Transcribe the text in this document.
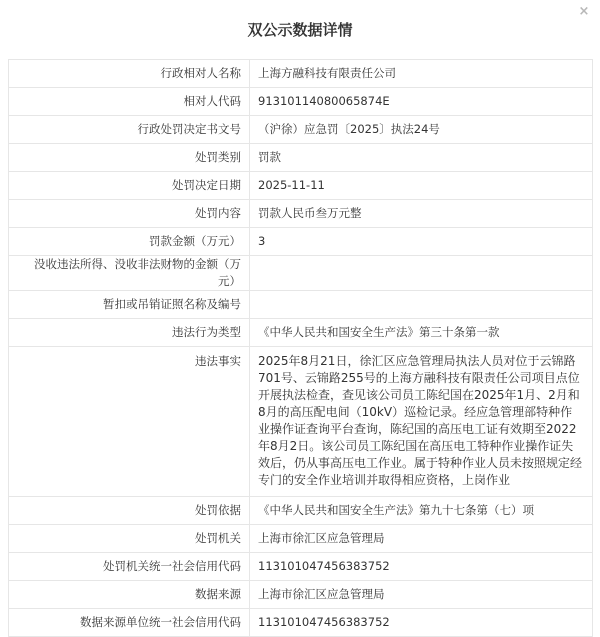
×
双公示数据详情
行政相对人名称	上海方融科技有限责任公司
相对人代码	91310114080065874E
行政处罚决定书文号	（沪徐）应急罚〔2025〕执法24号
处罚类别	罚款
处罚决定日期	2025-11-11
处罚内容	罚款人民币叁万元整
罚款金额（万元）	3
没收违法所得、没收非法财物的金额（万元）	
暂扣或吊销证照名称及编号	
违法行为类型	《中华人民共和国安全生产法》第三十条第一款
违法事实	2025年8月21日，徐汇区应急管理局执法人员对位于云锦路701号、云锦路255号的上海方融科技有限责任公司项目点位开展执法检查，查见该公司员工陈纪国在2025年1月、2月和8月的高压配电间（10kV）巡检记录。经应急管理部特种作业操作证查询平台查询，陈纪国的高压电工证有效期至2022年8月2日。该公司员工陈纪国在高压电工特种作业操作证失效后，仍从事高压电工作业。属于特种作业人员未按照规定经专门的安全作业培训并取得相应资格，上岗作业
处罚依据	《中华人民共和国安全生产法》第九十七条第（七）项
处罚机关	上海市徐汇区应急管理局
处罚机关统一社会信用代码	113101047456383752
数据来源	上海市徐汇区应急管理局
数据来源单位统一社会信用代码	113101047456383752
